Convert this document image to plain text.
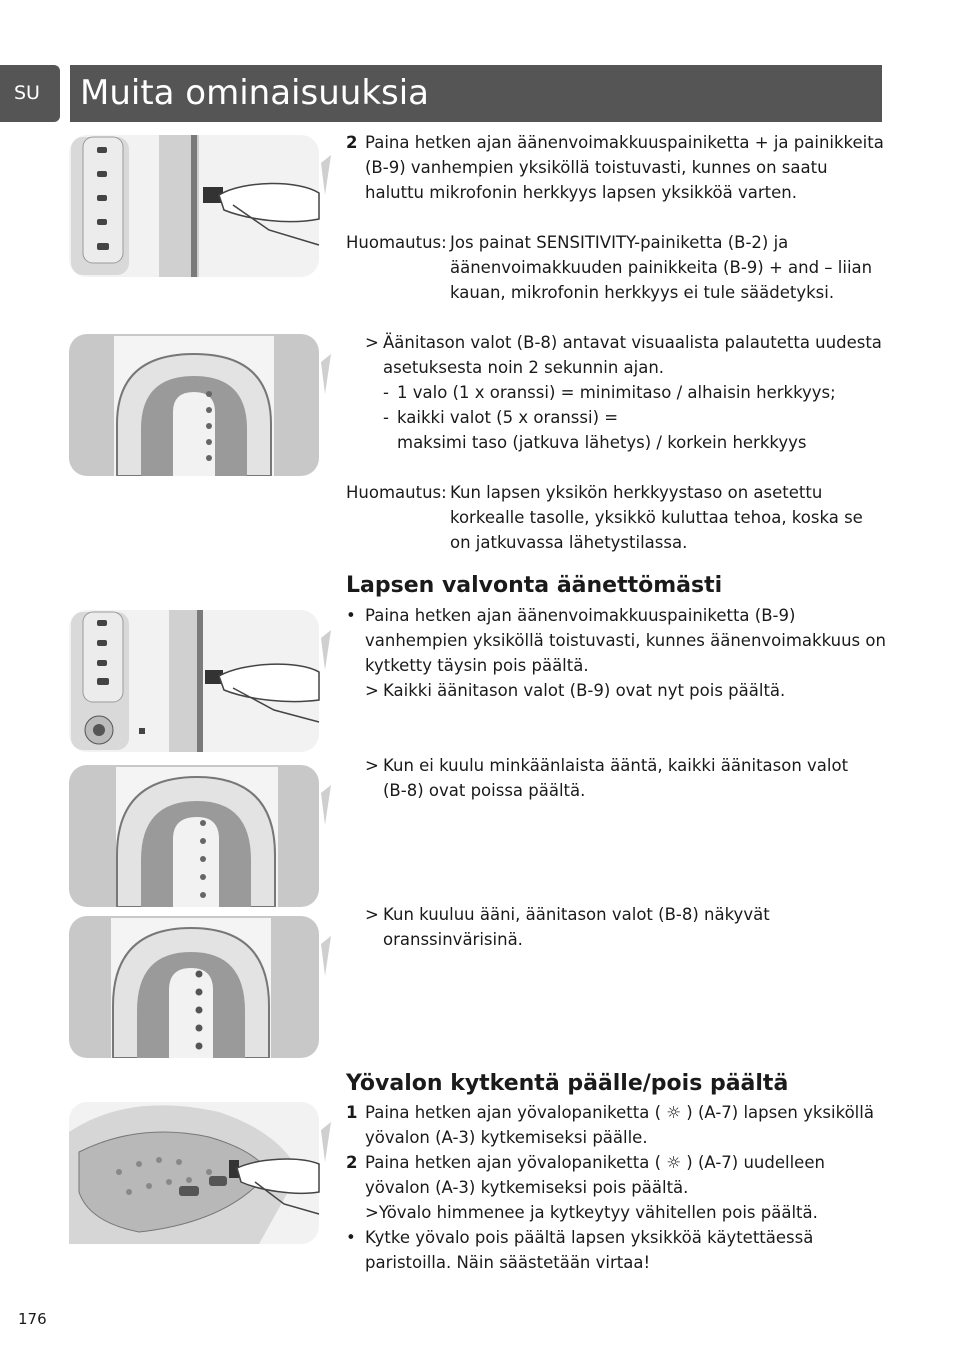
SU	Muita ominaisuuksia
2 Paina hetken ajan äänenvoimakkuuspainiketta + ja painikkeita
(B-9) vanhempien yksiköllä toistuvasti, kunnes on saatu
haluttu mikrofonin herkkyys lapsen yksikköä varten.
Huomautus: Jos painat SENSITIVITY-painiketta (B-2) ja
äänenvoimakkuuden painikkeita (B-9) + and – liian
kauan, mikrofonin herkkyys ei tule säädetyksi.
> Äänitason valot (B-8) antavat visuaalista palautetta uudesta
asetuksesta noin 2 sekunnin ajan.
- 1 valo (1 x oranssi) = minimitaso / alhaisin herkkyys;
- kaikki valot (5 x oranssi) =
maksimi taso (jatkuva lähetys) / korkein herkkyys
Huomautus: Kun lapsen yksikön herkkyystaso on asetettu
korkealle tasolle, yksikkö kuluttaa tehoa, koska se
on jatkuvassa lähetystilassa.
Lapsen valvonta äänettömästi
• Paina hetken ajan äänenvoimakkuuspainiketta (B-9)
vanhempien yksiköllä toistuvasti, kunnes äänenvoimakkuus on
kytketty täysin pois päältä.
> Kaikki äänitason valot (B-9) ovat nyt pois päältä.
> Kun ei kuulu minkäänlaista ääntä, kaikki äänitason valot
(B-8) ovat poissa päältä.
> Kun kuuluu ääni, äänitason valot (B-8) näkyvät
oranssinvärisinä.
Yövalon kytkentä päälle/pois päältä
1 Paina hetken ajan yövalopaniketta ( ☼ ) (A-7) lapsen yksiköllä
yövalon (A-3) kytkemiseksi päälle.
2 Paina hetken ajan yövalopaniketta ( ☼ ) (A-7) uudelleen
yövalon (A-3) kytkemiseksi pois päältä.
>Yövalo himmenee ja kytkeytyy vähitellen pois päältä.
• Kytke yövalo pois päältä lapsen yksikköä käytettäessä
paristoilla. Näin säästetään virtaa!
176
